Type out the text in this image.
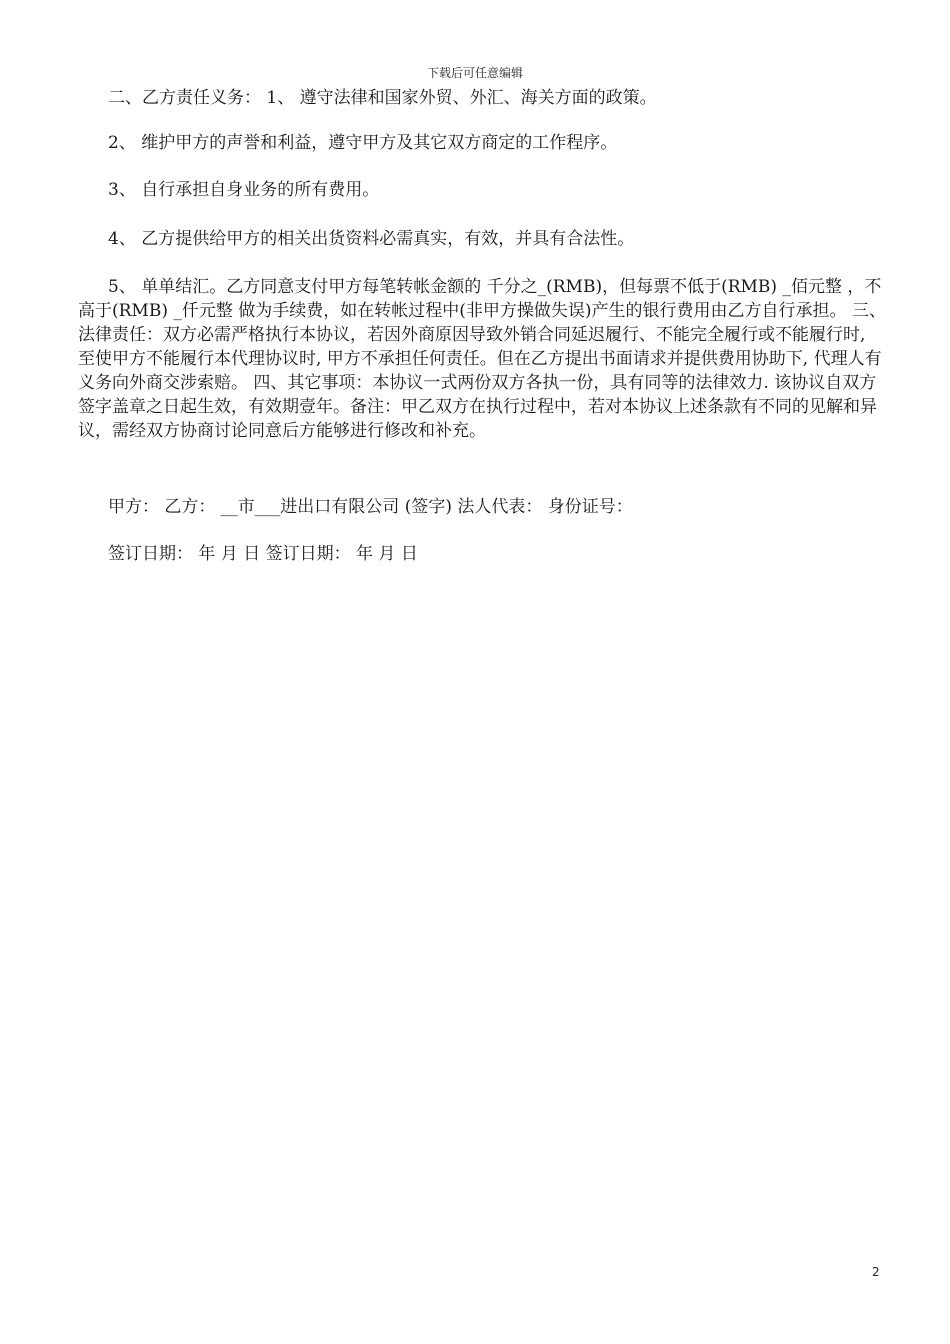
下载后可任意编辑

二、乙方责任义务： 1、 遵守法律和国家外贸、外汇、海关方面的政策。

2、 维护甲方的声誉和利益，遵守甲方及其它双方商定的工作程序。

3、 自行承担自身业务的所有费用。

4、 乙方提供给甲方的相关出货资料必需真实，有效，并具有合法性。

5、 单单结汇。乙方同意支付甲方每笔转帐金额的 千分之_(RMB)，但每票不低于(RMB) _佰元整 ，不高于(RMB) _仟元整 做为手续费，如在转帐过程中(非甲方操做失误)产生的银行费用由乙方自行承担。 三、法律责任：双方必需严格执行本协议，若因外商原因导致外销合同延迟履行、不能完全履行或不能履行时, 至使甲方不能履行本代理协议时, 甲方不承担任何责任。但在乙方提出书面请求并提供费用协助下, 代理人有义务向外商交涉索赔。 四、其它事项：本协议一式两份双方各执一份，具有同等的法律效力. 该协议自双方签字盖章之日起生效，有效期壹年。备注：甲乙双方在执行过程中，若对本协议上述条款有不同的见解和异议，需经双方协商讨论同意后方能够进行修改和补充。

甲方： 乙方： __市___进出口有限公司 (签字) 法人代表： 身份证号：

签订日期： 年 月 日 签订日期： 年 月 日

2
